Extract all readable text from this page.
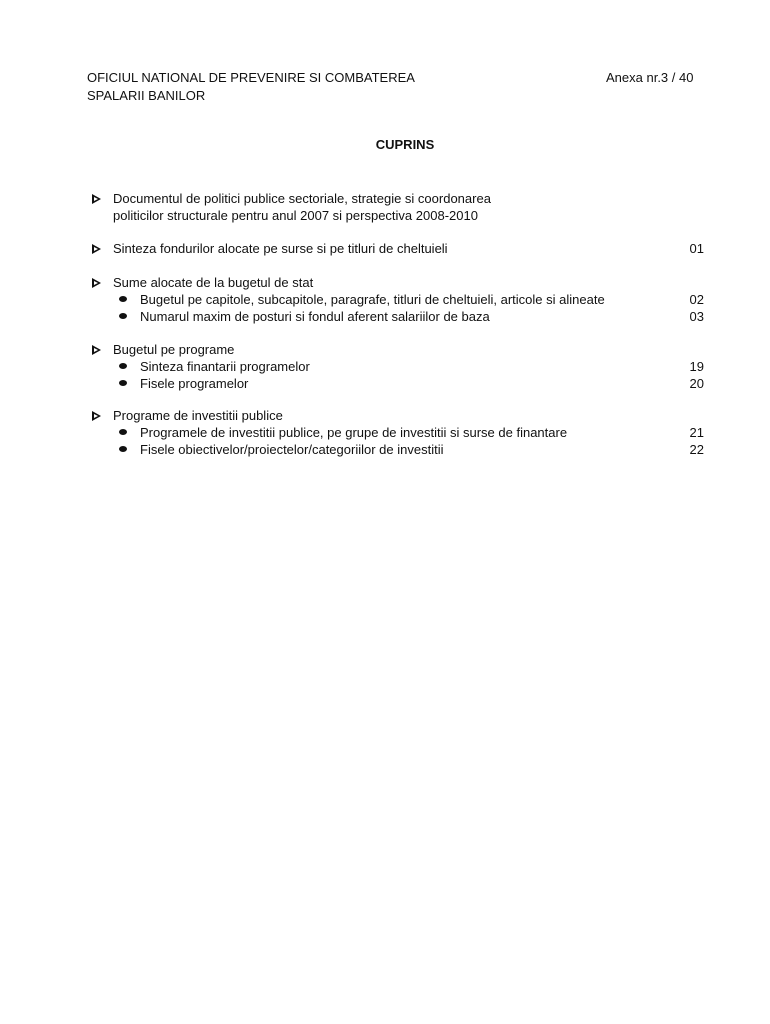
OFICIUL NATIONAL DE PREVENIRE SI COMBATEREA
SPALARII BANILOR
Anexa nr.3 / 40
CUPRINS
Documentul de politici publice sectoriale, strategie si coordonarea
politicilor structurale pentru anul 2007 si perspectiva 2008-2010
Sinteza fondurilor alocate pe surse si pe titluri de cheltuieli	01
Sume alocate de la bugetul de stat
Bugetul pe capitole, subcapitole, paragrafe, titluri de cheltuieli, articole si alineate	02
Numarul maxim de posturi si fondul aferent salariilor de baza	03
Bugetul pe programe
Sinteza finantarii programelor	19
Fisele programelor	20
Programe de investitii publice
Programele de investitii publice, pe grupe de investitii si surse de finantare	21
Fisele obiectivelor/proiectelor/categoriilor de investitii	22
